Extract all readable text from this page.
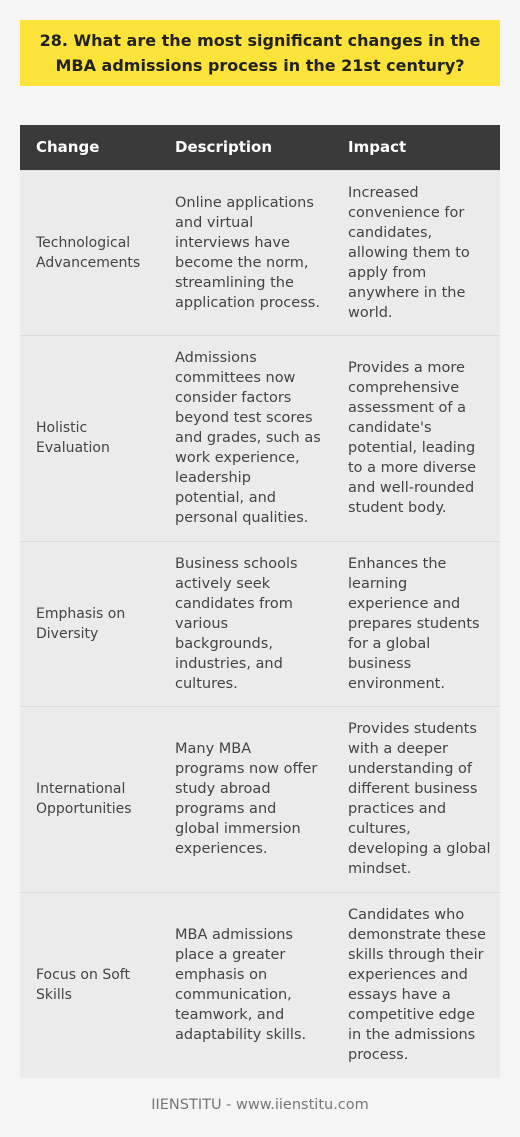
28. What are the most significant changes in the MBA admissions process in the 21st century?
Change	Description	Impact
Technological Advancements	Online applications and virtual interviews have become the norm, streamlining the application process.	Increased convenience for candidates, allowing them to apply from anywhere in the world.
Holistic Evaluation	Admissions committees now consider factors beyond test scores and grades, such as work experience, leadership potential, and personal qualities.	Provides a more comprehensive assessment of a candidate's potential, leading to a more diverse and well-rounded student body.
Emphasis on Diversity	Business schools actively seek candidates from various backgrounds, industries, and cultures.	Enhances the learning experience and prepares students for a global business environment.
International Opportunities	Many MBA programs now offer study abroad programs and global immersion experiences.	Provides students with a deeper understanding of different business practices and cultures, developing a global mindset.
Focus on Soft Skills	MBA admissions place a greater emphasis on communication, teamwork, and adaptability skills.	Candidates who demonstrate these skills through their experiences and essays have a competitive edge in the admissions process.
IIENSTITU - www.iienstitu.com
